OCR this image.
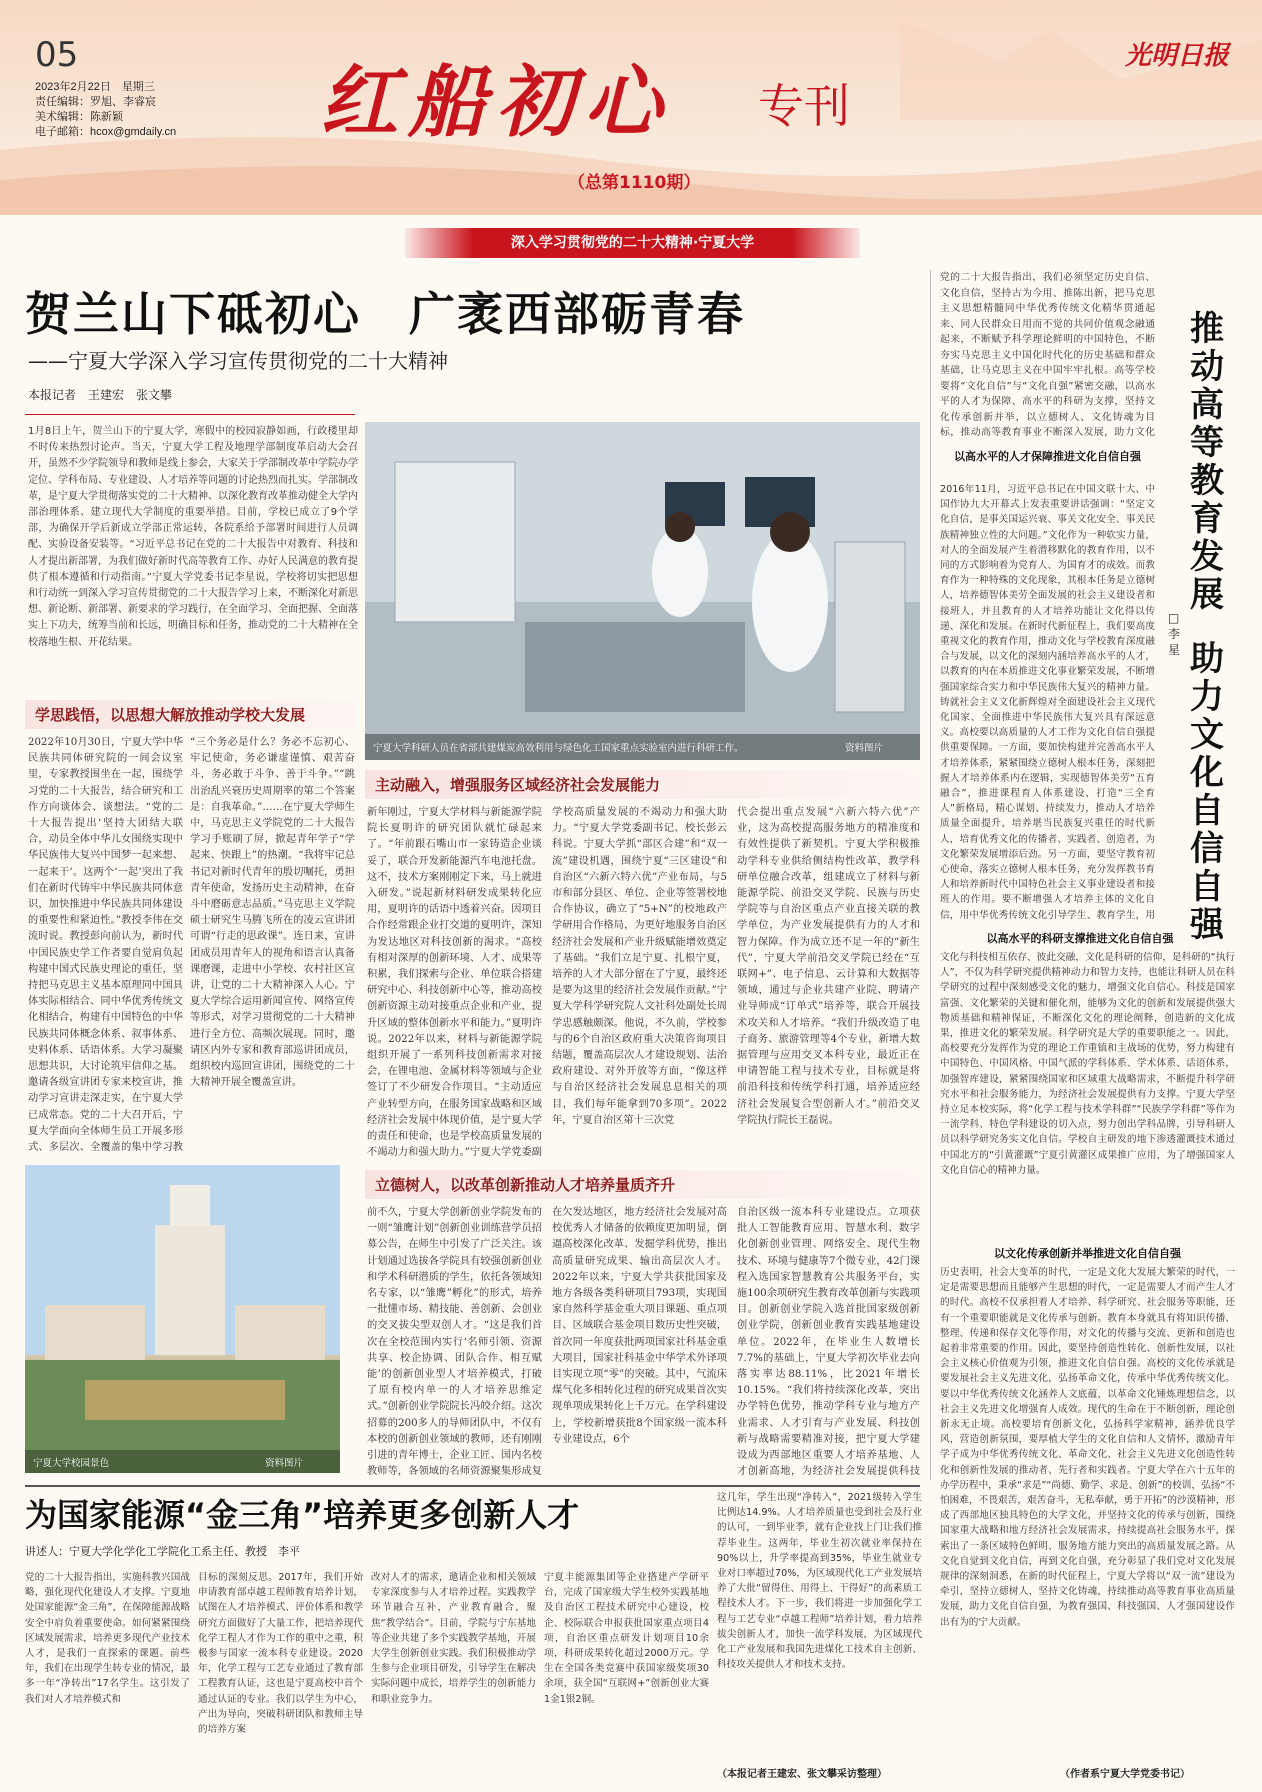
05
2023年2月22日　星期三
责任编辑：罗旭、李睿宸
美术编辑：陈新颖
电子邮箱：hcox@gmdaily.cn 红船初心 专刊
（总第1110期）
光明日报
深入学习贯彻党的二十大精神·宁夏大学
贺兰山下砥初心　广袤西部砺青春
——宁夏大学深入学习宣传贯彻党的二十大精神
本报记者　王建宏　张文攀
1月8日上午，贺兰山下的宁夏大学，寒假中的校园寂静如画，行政楼里却不时传来热烈讨论声。当天，宁夏大学工程及地理学部制度革启动大会召开，虽然不少学院领导和教师是线上参会，大家关于学部制改革中学院办学定位、学科布局、专业建设、人才培养等问题的讨论热烈而扎实。学部制改革，是宁夏大学贯彻落实党的二十大精神、以深化教育改革推动健全大学内部治理体系、建立现代大学制度的重要举措。目前，学校已成立了9个学部，为确保开学后新成立学部正常运转，各院系给予部署时间进行人员调配、实验设备安装等。“习近平总书记在党的二十大报告中对教育、科技和人才提出新部署，为我们做好新时代高等教育工作、办好人民满意的教育提供了根本遵循和行动指南。”宁夏大学党委书记李星说，学校将切实把思想和行动统一到深入学习宣传贯彻党的二十大报告学习上来，不断深化对新思想、新论断、新部署、新要求的学习践行，在全面学习、全面把握、全面落实上下功夫，统筹当前和长远，明确目标和任务，推动党的二十大精神在全校落地生根、开花结果。
学思践悟，以思想大解放推动学校大发展
2022年10月30日，宁夏大学中华民族共同体研究院的一间会议室里，专家教授围坐在一起，围绕学习党的二十大报告，结合研究和工作方向谈体会、谈想法。“党的二十大报告提出‘坚持大团结大联合，动员全体中华儿女围绕实现中华民族伟大复兴中国梦一起来想、一起来干’。这两个‘一起’突出了我们在新时代铸牢中华民族共同体意识，加快推进中华民族共同体建设的重要性和紧迫性。”教授李伟在交流时说。教授彭向前认为，新时代中国民族史学工作者要自觉肩负起构建中国式民族史理论的重任，坚持把马克思主义基本原理同中国具体实际相结合、同中华优秀传统文化相结合，构建有中国特色的中华民族共同体概念体系、叙事体系、史料体系、话语体系。大学习凝聚思想共识，大讨论筑牢信仰之基。邀请各级宣讲团专家来校宣讲，推动学习宣讲走深走实，在宁夏大学已成常态。党的二十大召开后，宁夏大学面向全体师生员工开展多形式、多层次、全覆盖的集中学习教
“三个务必是什么？务必不忘初心、牢记使命，务必谦虚谨慎、艰苦奋斗，务必敢于斗争、善于斗争。”“跳出治乱兴衰历史周期率的第二个答案是：自我革命。”……在宁夏大学师生中，马克思主义学院党的二十大报告学习手账刷了屏，掀起青年学子“学起来、快跟上”的热潮。“我将牢记总书记对新时代青年的殷切嘱托，勇担青年使命，发扬历史主动精神，在奋斗中磨砺意志品质。”马克思主义学院硕士研究生马腾飞所在的凌云宣讲团可谓“行走的思政课”。连日来，宣讲团成员用青年人的视角和语言认真备课磨课，走进中小学校、农村社区宣讲，让党的二十大精神深入人心。宁夏大学综合运用新闻宣传、网络宣传等形式，对学习贯彻党的二十大精神进行全方位、高频次展现。同时，邀请区内外专家和教育部巡讲团成员，组织校内巡回宣讲团，围绕党的二十大精神开展全覆盖宣讲。
宁夏大学科研人员在省部共建煤炭高效利用与绿色化工国家重点实验室内进行科研工作。	资料图片
主动融入，增强服务区域经济社会发展能力
新年刚过，宁夏大学材料与新能源学院院长夏明许的研究团队就忙碌起来了。“年前跟石嘴山市一家铸造企业谈妥了，联合开发新能源汽车电池托盘。这不，技术方案刚刚定下来，马上就进入研发。”说起新材料研发成果转化应用，夏明许的话语中透着兴奋。因项目合作经常跟企业打交道的夏明许，深知为发达地区对科技创新的渴求。“高校有相对深厚的创新环境、人才、成果等积累，我们探索与企业、单位联合搭建研究中心、科技创新中心等，推动高校创新资源主动对接重点企业和产业，提升区域的整体创新水平和能力。”夏明许说。2022年以来，材料与新能源学院组织开展了一系列科技创新需求对接会，在锂电池、金属材料等领域与企业签订了不少研发合作项目。“主动适应产业转型方向，在服务国家战略和区域经济社会发展中体现价值，是宁夏大学的责任和使命，也是学校高质量发展的不竭动力和强大助力。”宁夏大学党委副
学校高质量发展的不竭动力和强大助力。“宁夏大学党委副书记、校长彭云科说。宁夏大学抓“部区合建”和“双一流”建设机遇，围绕宁夏“三区建设”和自治区“六新六特六优”产业布局，与5市和部分县区、单位、企业等签署校地合作协议，确立了“5+N”的校地政产学研用合作格局，为更好地服务自治区经济社会发展和产业升级赋能增效奠定了基础。“我们立足宁夏、扎根宁夏，培养的人才大部分留在了宁夏，最终还是要为这里的经济社会发展作贡献。”宁夏大学科学研究院人文社科处副处长周学忠感触颇深。他说，不久前，学校参与的6个自治区政府重大决策咨询项目结题，覆盖高层次人才建设规划、法治政府建设、对外开放等方面，“像这样与自治区经济社会发展息息相关的项目，我们每年能拿到70多项”。2022年，宁夏自治区第十三次党
代会提出重点发展“六新六特六优”产业，这为高校提高服务地方的精准度和有效性提供了新契机。宁夏大学积极推动学科专业供给侧结构性改革，教学科研单位融合改革，组建成立了材料与新能源学院、前沿交叉学院、民族与历史学院等与自治区重点产业直接关联的教学单位，为产业发展提供有力的人才和智力保障。作为成立还不足一年的“新生代”，宁夏大学前沿交叉学院已经在“互联网+”、电子信息、云计算和大数据等领域，通过与企业共建产业院、聘请产业导师成“订单式”培养等，联合开展技术攻关和人才培养。“我们升级改造了电子商务、旅游管理等4个专业，新增大数据管理与应用交叉本科专业，最近正在申请智能工程与技术专业，目标就是将前沿科技和传统学科打通，培养适应经济社会发展复合型创新人才。”前沿交叉学院执行院长王磊说。
立德树人，以改革创新推动人才培养量质齐升
前不久，宁夏大学创新创业学院发布的一则“雏鹰计划”创新创业训练营学员招募公告，在师生中引发了广泛关注。该计划通过选拔各学院具有较强创新创业和学术科研潜质的学生，依托各领域知名专家，以“雏鹰”孵化”的形式，培养一批懂市场、精技能、善创新、会创业的交叉拔尖型双创人才。“这是我们首次在全校范围内实行‘名师引领、资源共享、校企协调、团队合作、相互赋能’的创新创业型人才培养模式，打破了原有校内单一的人才培养思维定式。”创新创业学院院长冯皎介绍。这次招募的200多人的导师团队中，不仅有本校的创新创业领域的教师，还有刚刚引进的青年博士，企业工匠、国内名校教师等，各领域的名师资源聚集形成复
在欠发达地区，地方经济社会发展对高校优秀人才储备的依赖度更加明显，倒逼高校深化改革、发掘学科优势，推出高质量研究成果、输出高层次人才。2022年以来，宁夏大学共获批国家及地方各级各类科研项目793项，实现国家自然科学基金重大项目课题、重点项目、区域联合基金项目数历史性突破，首次同一年度获批两项国家社科基金重大项目，国家社科基金中华学术外译项目实现立项“零”的突破。其中，气流床煤气化多相转化过程的研究成果首次实现单项成果转化上千万元。在学科建设上，学校新增获批8个国家级一流本科专业建设点，6个
自治区级一流本科专业建设点。立项获批人工智能教育应用、智慧水利、数字化创新创业管理、网络安全、现代生物技术、环境与健康等7个微专业，42门课程入选国家智慧教育公共服务平台，实施100余项研究生教育改革创新与实践项目。创新创业学院入选首批国家级创新创业学院，创新创业教育实践基地建设单位。2022年，在毕业生人数增长7.7%的基础上，宁夏大学初次毕业去向落实率达88.11%，比2021年增长10.15%。“我们将持续深化改革，突出办学特色优势，推动学科专业与地方产业需求、人才引育与产业发展、科技创新与战略需要精准对接，把宁夏大学建设成为西部地区重要人才培养基地、人才创新高地，为经济社会发展提供科技
宁夏大学校园景色	资料图片
党的二十大报告指出，我们必须坚定历史自信、文化自信，坚持古为今用、推陈出新，把马克思主义思想精髓同中华优秀传统文化精华贯通起来、同人民群众日用而不觉的共同价值观念融通起来，不断赋予科学理论鲜明的中国特色，不断夯实马克思主义中国化时代化的历史基础和群众基础，让马克思主义在中国牢牢扎根。高等学校要将“文化自信”与“文化自强”紧密交融，以高水平的人才为保障、高水平的科研为支撑，坚持文化传承创新并举，以立德树人、文化铸魂为目标，推动高等教育事业不断深入发展，助力文化
推动高等教育发展
助力文化自信自强
□李星
以高水平的人才保障推进文化自信自强
2016年11月，习近平总书记在中国文联十大、中国作协九大开幕式上发表重要讲话强调：“坚定文化自信，是事关国运兴衰、事关文化安全、事关民族精神独立性的大问题。”文化作为一种软实力量，对人的全面发展产生着潜移默化的教育作用，以不同的方式影响着为党育人、为国育才的成效。而教育作为一种特殊的文化现象，其根本任务是立德树人，培养德智体美劳全面发展的社会主义建设者和接班人，并且教育的人才培养功能让文化得以传递、深化和发展。在新时代新征程上，我们要高度重视文化的教育作用，推动文化与学校教育深度融合与发展，以文化的深刻内涵培养高水平的人才，以教育的内在本质推进文化事业繁荣发展，不断增强国家综合实力和中华民族伟大复兴的精神力量。铸就社会主义文化新辉煌对全面建设社会主义现代化国家、全面推进中华民族伟大复兴具有深远意义。高校要以高质量的人才工作为文化自信自强提供重要保障。一方面，要加快构建并完善高水平人才培养体系，紧紧围绕立德树人根本任务，深刻把握人才培养体系内在逻辑，实现德智体美劳“五育融合”，推进课程育人体系建设，打造“三全育人”新格局，精心谋划、持续发力，推动人才培养质量全面提升，培养堪当民族复兴重任的时代新人，培育优秀文化的传播者、实践者、创造者，为文化繁荣发展增添后劲。另一方面，要坚守教育初心使命，落实立德树人根本任务，充分发挥教书育人和培养新时代中国特色社会主义事业建设者和接班人的作用。要不断增强人才培养主体的文化自信，用中华优秀传统文化引导学生、教育学生，用
以高水平的科研支撑推进文化自信自强
文化与科技相互依存、彼此交融，文化是科研的信仰，是科研的“执行人”，不仅为科学研究提供精神动力和智力支持，也能让科研人员在科学研究的过程中深刻感受文化的魅力，增强文化自信心。科技是国家富强、文化繁荣的关键和催化剂，能够为文化的创新和发展提供强大物质基础和精神保证，不断深化文化的理论阐释，创造新的文化成果，推进文化的繁荣发展。科学研究是大学的重要职能之一。因此，高校要充分发挥作为党的理论工作重镇和主战场的优势，努力构建有中国特色、中国风格、中国气派的学科体系、学术体系、话语体系，加强智库建设，紧紧围绕国家和区域重大战略需求，不断提升科学研究水平和社会服务能力，为经济社会发展提供有力支撑。宁夏大学坚持立足本校实际，将“化学工程与技术学科群”“民族学学科群”等作为一流学科、特色学科建设的切入点，努力创出学科品牌，引导科研人员以科学研究务实文化自信。学校自主研发的地下渗透灌溉技术通过中国北方的“引黄灌溉”宁夏引黄灌区成果推广应用，为了增强国家人文化自信心的精神力量。
以文化传承创新并举推进文化自信自强
历史表明，社会大变革的时代，一定是文化大发展大繁荣的时代，一定是需要思想而且能够产生思想的时代，一定是需要人才而产生人才的时代。高校不仅承担着人才培养、科学研究、社会服务等职能，还有一个重要职能就是文化传承与创新。教育本身就具有将知识传播、整理、传递和保存文化等作用，对文化的传播与交流、更新和创造也起着非常重要的作用。因此，要坚持创造性转化、创新性发展，以社会主义核心价值观为引领，推进文化自信自强。高校的文化传承就是要发展社会主义先进文化，弘扬革命文化，传承中华优秀传统文化。要以中华优秀传统文化涵养人文底蕴，以革命文化锤炼理想信念，以社会主义先进文化增强育人成效。现代的生命在于不断创新，理论创新永无止境。高校要培育创新文化，弘扬科学家精神，涵养优良学风，营造创新氛围，要厚植大学生的文化自信和人文情怀，激励青年学子成为中华优秀传统文化、革命文化、社会主义先进文化创造性转化和创新性发展的推动者、先行者和实践者。宁夏大学在六十五年的办学历程中，秉承“求是”“尚德、勤学、求是、创新”的校训，弘扬“不怕困难，不畏艰苦，艰苦奋斗，无私奉献，勇于开拓”的沙漠精神，形成了西部地区独具特色的大学文化，并坚持文化的传承与创新，围绕国家重大战略和地方经济社会发展需求，持续提高社会服务水平，探索出了一条区域特色鲜明、服务地方能力突出的高质量发展之路。从文化自觉到文化自信，再到文化自强，充分彰显了我们党对文化发展规律的深刻洞悉，在新的时代征程上，宁夏大学将以“双一流”建设为牵引，坚持立德树人，坚持文化铸魂，持续推动高等教育事业高质量发展，助力文化自信自强，为教育强国、科技强国、人才强国建设作出有为的宁大贡献。
（作者系宁夏大学党委书记）
为国家能源“金三角”培养更多创新人才
讲述人：宁夏大学化学化工学院化工系主任、教授　李平
党的二十大报告指出，实施科教兴国战略，强化现代化建设人才支撑。宁夏地处国家能源“金三角”，在保障能源战略安全中肩负着重要使命。如何紧紧围绕区域发展需求，培养更多现代产业技术人才，是我们一直探索的课题。前些年，我们在出现学生转专业的情况，最多一年“净转出”17名学生。这引发了我们对人才培养模式和
目标的深刻反思。2017年，我们开始申请教育部卓越工程师教育培养计划，试图在人才培养模式、评价体系和教学研究方面做好了大量工作，把培养现代化学工程人才作为工作的重中之重，积极参与国家一流本科专业建设。2020年，化学工程与工艺专业通过了教育部工程教育认证，这也是宁夏高校中首个通过认证的专业。我们以学生为中心，产出为导向，突破科研团队和教师主导的培养方案
改对人才的需求，邀请企业和相关领域专家深度参与人才培养过程。实践教学环节融合互补，产业教育融合，聚焦“教学结合”。目前，学院与宁东基地等企业共建了多个实践教学基地，开展大学生创新创业实践。我们积极推动学生参与企业项目研发，引导学生在解决实际问题中成长，培养学生的创新能力和职业竞争力。
宁夏丰能源集团等企业搭建产学研平台，完成了国家级大学生校外实践基地及自治区工程技术研究中心建设，校企、校际联合申报获批国家重点项目4项，自治区重点研发计划项目10余项，科研成果转化超过2000万元。学生在全国各类竞赛中获国家级奖项30余项，获全国“互联网+”创新创业大赛1金1银2铜。
这几年，学生出现“净转入”，2021级转入学生比例达14.9%。人才培养质量也受到社会及行业的认可，一到毕业季，就有企业找上门让我们推荐毕业生。这两年，毕业生初次就业率保持在90%以上，升学率提高到35%，毕业生就业专业对口率超过70%，为区域现代化工产业发展培养了大批“留得住、用得上、干得好”的高素质工程技术人才。下一步，我们将进一步加强化学工程与工艺专业“卓越工程师”培养计划，着力培养拔尖创新人才，加快一流学科发展，为区域现代化工产业发展和我国先进煤化工技术自主创新、科技攻关提供人才和技术支持。
（本报记者王建宏、张文攀采访整理）
